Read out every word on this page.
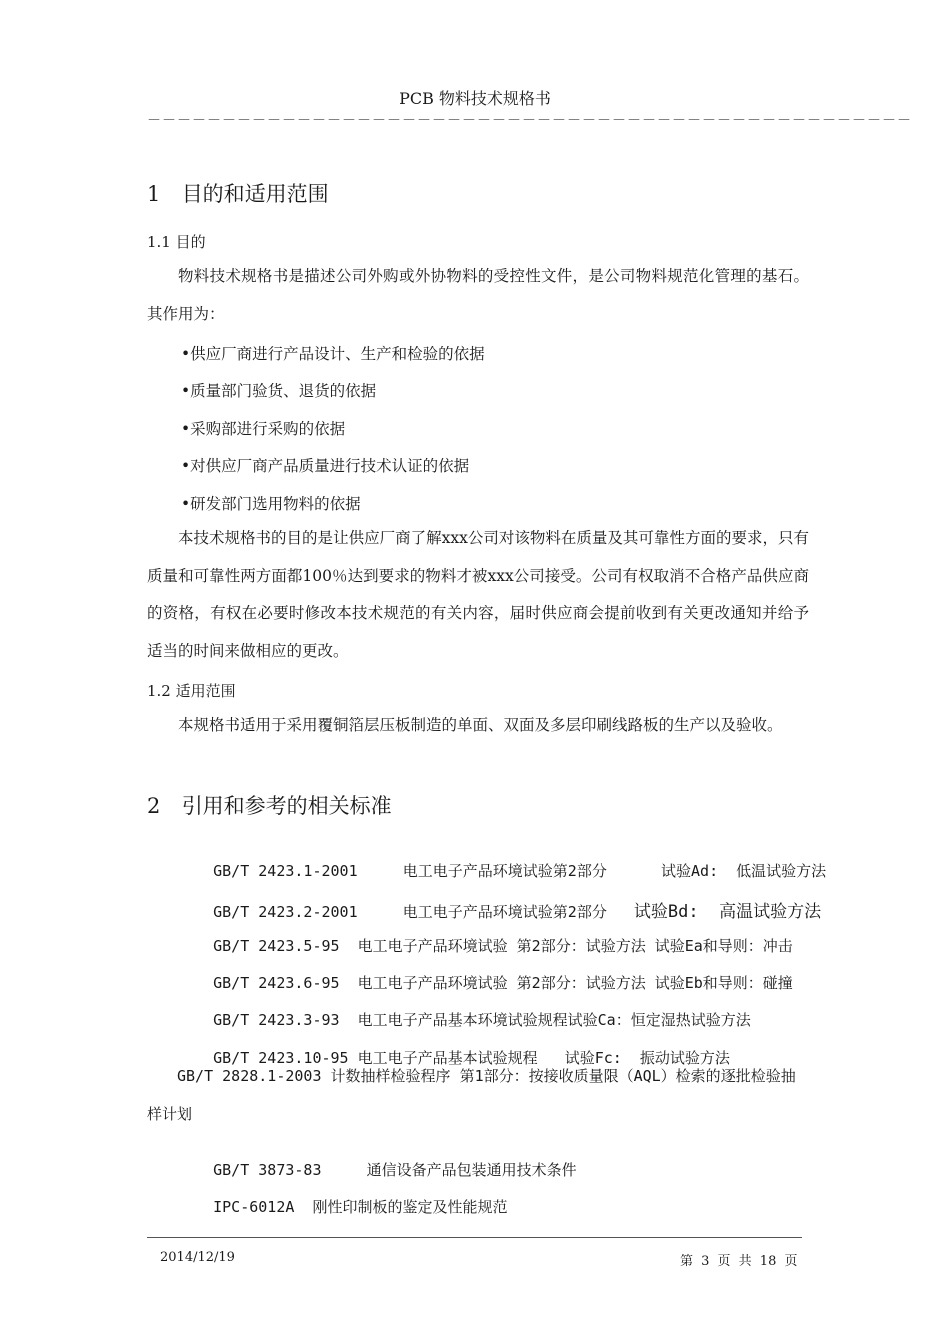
PCB 物料技术规格书
－－－－－－－－－－－－－－－－－－－－－－－－－－－－－－－－－－－－－－－－－－－－－－－－－－－
1 目的和适用范围
1.1 目的
物料技术规格书是描述公司外购或外协物料的受控性文件，是公司物料规范化管理的基石。其作用为：
•供应厂商进行产品设计、生产和检验的依据
•质量部门验货、退货的依据
•采购部进行采购的依据
•对供应厂商产品质量进行技术认证的依据
•研发部门选用物料的依据
本技术规格书的目的是让供应厂商了解xxx公司对该物料在质量及其可靠性方面的要求，只有质量和可靠性两方面都100％达到要求的物料才被xxx公司接受。公司有权取消不合格产品供应商的资格，有权在必要时修改本技术规范的有关内容，届时供应商会提前收到有关更改通知并给予适当的时间来做相应的更改。
1.2 适用范围
本规格书适用于采用覆铜箔层压板制造的单面、双面及多层印刷线路板的生产以及验收。
2 引用和参考的相关标准

GB/T 2423.1-2001	电工电子产品环境试验第2部分	试验Ad:  低温试验方法

GB/T 2423.2-2001	电工电子产品环境试验第2部分 试验Bd:  高温试验方法

GB/T 2423.5-95 电工电子产品环境试验 第2部分：试验方法 试验Ea和导则：冲击

GB/T 2423.6-95 电工电子产品环境试验 第2部分：试验方法 试验Eb和导则：碰撞

GB/T 2423.3-93 电工电子产品基本环境试验规程试验Ca：恒定湿热试验方法

GB/T 2423.10-95 电工电子产品基本试验规程 试验Fc:  振动试验方法

GB/T 2828.1-2003 计数抽样检验程序 第1部分：按接收质量限（AQL）检索的逐批检验抽样计划

GB/T 3873-83	通信设备产品包装通用技术条件

IPC-6012A 刚性印制板的鉴定及性能规范

2014/12/19	第 3 页 共 18 页
